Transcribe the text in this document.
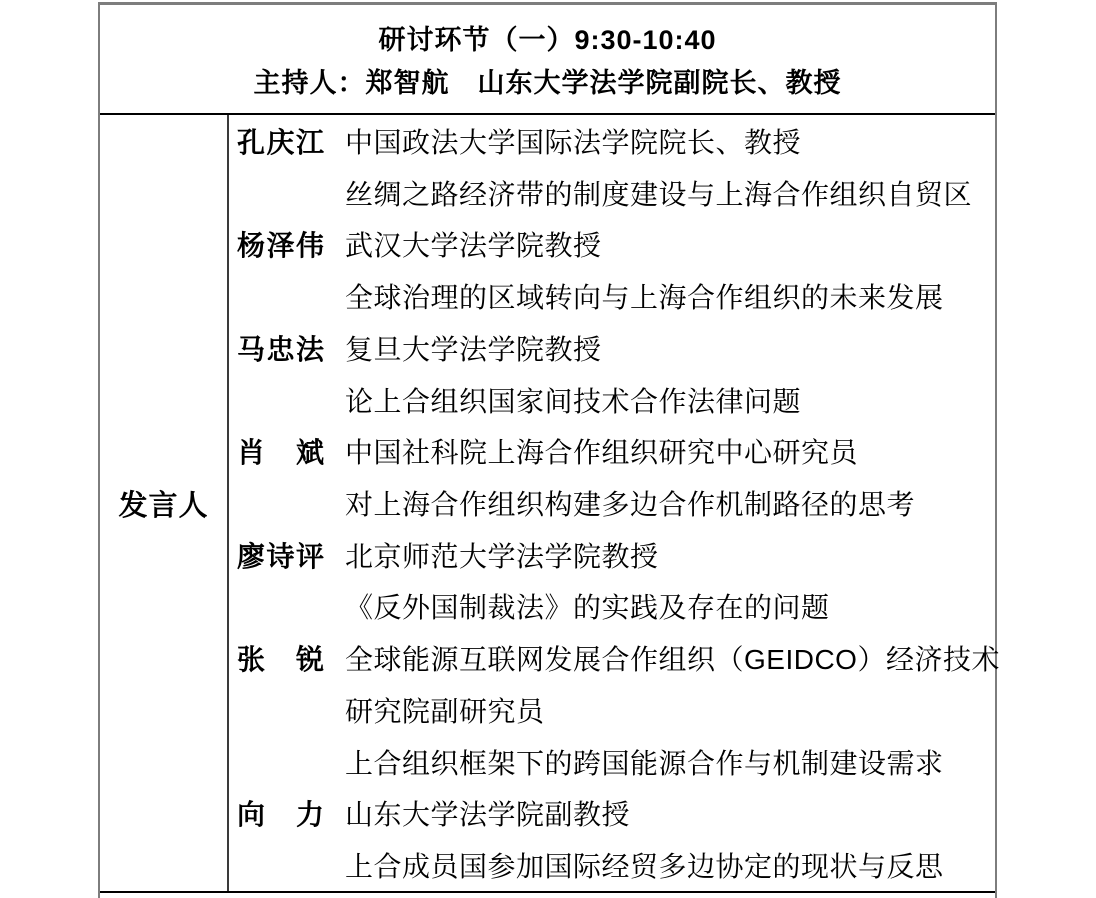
研讨环节（一）9:30-10:40
主持人：郑智航　山东大学法学院副院长、教授
发言人
孔庆江 中国政法大学国际法学院院长、教授
丝绸之路经济带的制度建设与上海合作组织自贸区
杨泽伟 武汉大学法学院教授
全球治理的区域转向与上海合作组织的未来发展
马忠法 复旦大学法学院教授
论上合组织国家间技术合作法律问题
肖　斌 中国社科院上海合作组织研究中心研究员
对上海合作组织构建多边合作机制路径的思考
廖诗评 北京师范大学法学院教授
《反外国制裁法》的实践及存在的问题
张　锐 全球能源互联网发展合作组织（GEIDCO）经济技术
研究院副研究员
上合组织框架下的跨国能源合作与机制建设需求
向　力 山东大学法学院副教授
上合成员国参加国际经贸多边协定的现状与反思
